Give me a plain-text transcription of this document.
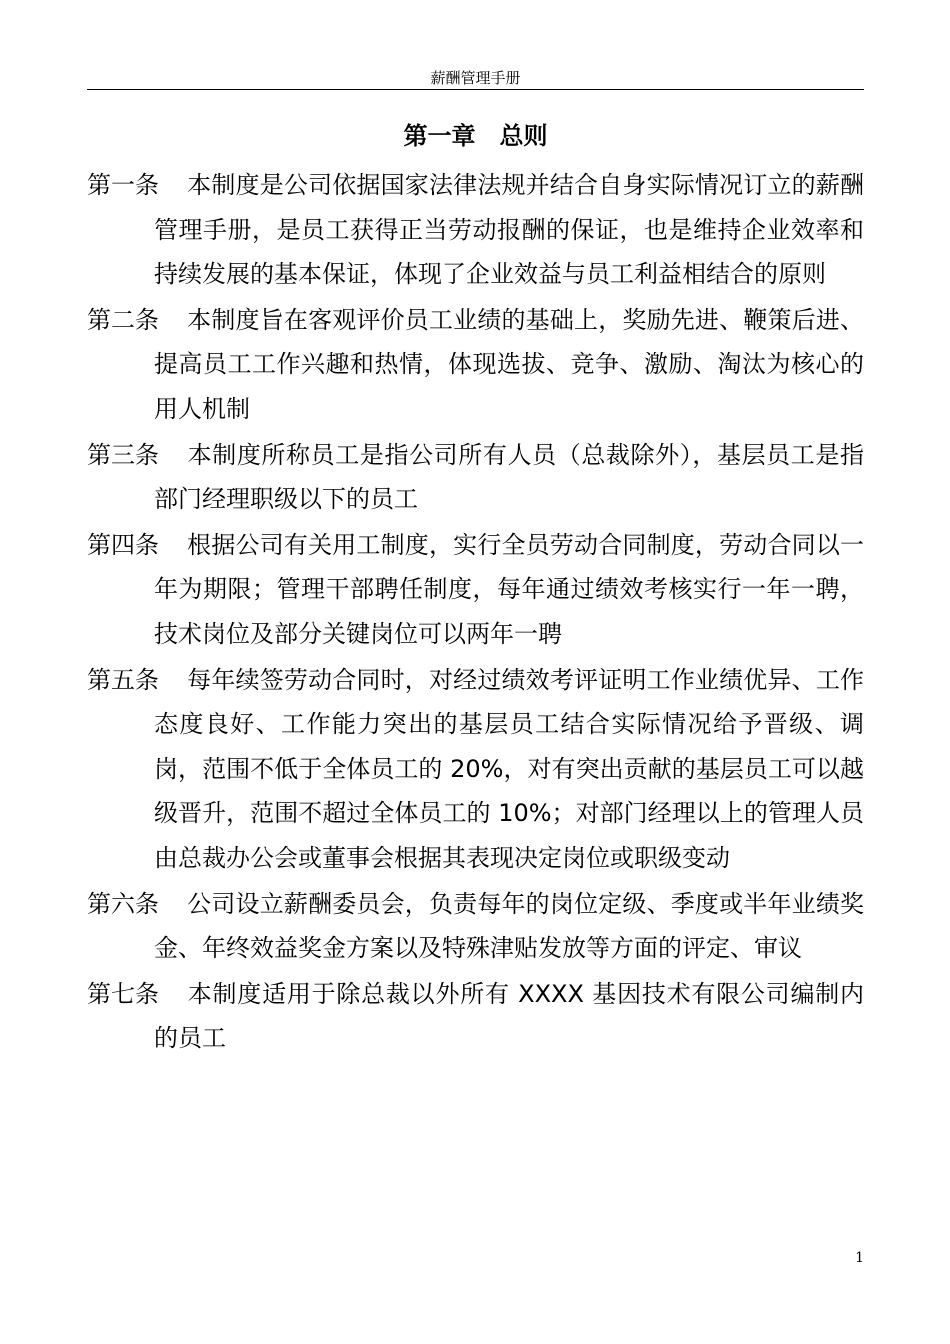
薪酬管理手册
第一章　总则
第一条	本制度是公司依据国家法律法规并结合自身实际情况订立的薪酬管理手册，是员工获得正当劳动报酬的保证，也是维持企业效率和持续发展的基本保证，体现了企业效益与员工利益相结合的原则
第二条	本制度旨在客观评价员工业绩的基础上，奖励先进、鞭策后进、提高员工工作兴趣和热情，体现选拔、竞争、激励、淘汰为核心的用人机制
第三条	本制度所称员工是指公司所有人员（总裁除外），基层员工是指部门经理职级以下的员工
第四条	根据公司有关用工制度，实行全员劳动合同制度，劳动合同以一年为期限；管理干部聘任制度，每年通过绩效考核实行一年一聘，技术岗位及部分关键岗位可以两年一聘
第五条	每年续签劳动合同时，对经过绩效考评证明工作业绩优异、工作态度良好、工作能力突出的基层员工结合实际情况给予晋级、调岗，范围不低于全体员工的 20%，对有突出贡献的基层员工可以越级晋升，范围不超过全体员工的 10%；对部门经理以上的管理人员由总裁办公会或董事会根据其表现决定岗位或职级变动
第六条	公司设立薪酬委员会，负责每年的岗位定级、季度或半年业绩奖金、年终效益奖金方案以及特殊津贴发放等方面的评定、审议
第七条	本制度适用于除总裁以外所有 XXXX 基因技术有限公司编制内的员工
1
